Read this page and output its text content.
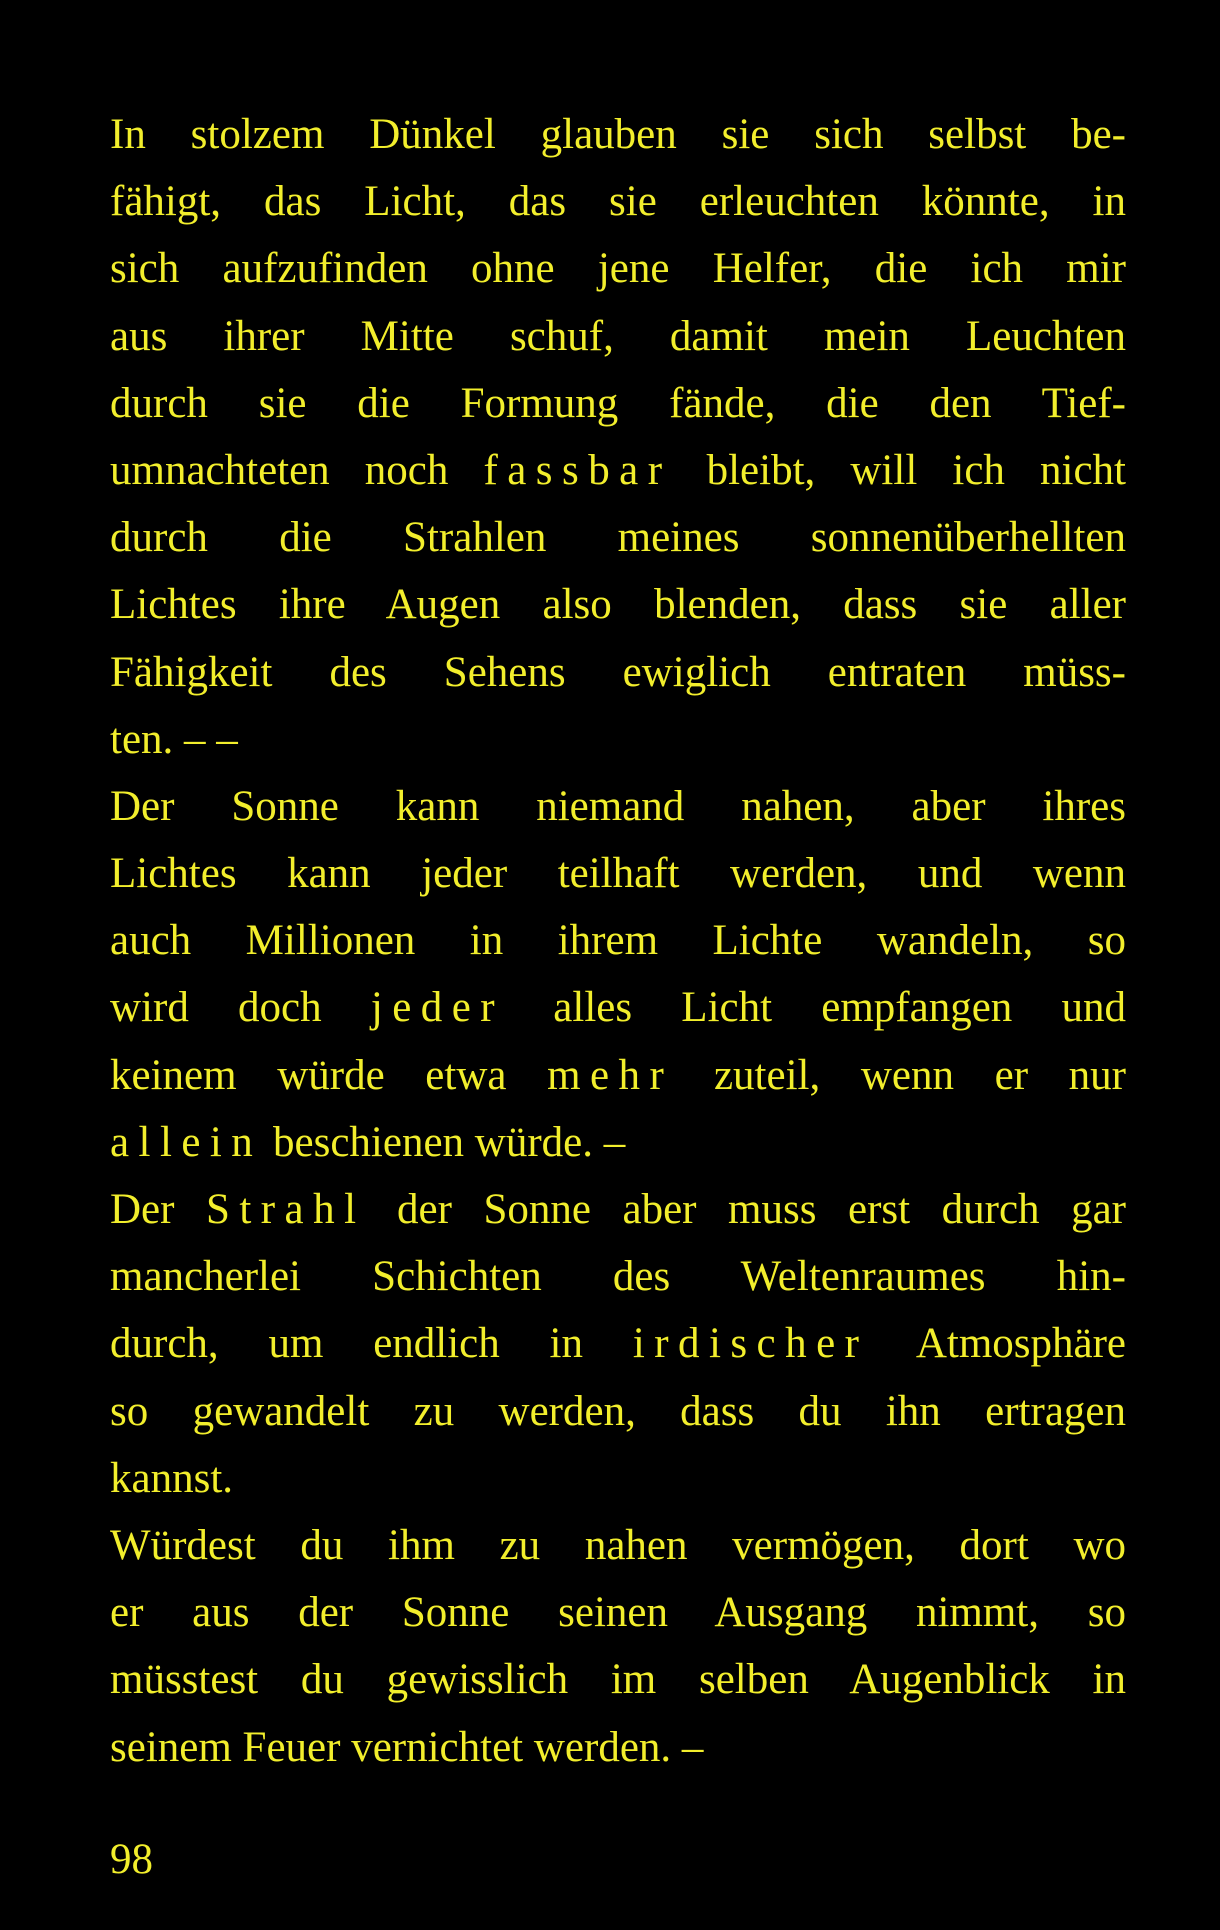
In stolzem Dünkel glauben sie sich selbst be-
fähigt, das Licht, das sie erleuchten könnte, in
sich aufzufinden ohne jene Helfer, die ich mir
aus ihrer Mitte schuf, damit mein Leuchten
durch sie die Formung fände, die den Tief-
umnachteten noch fassbar bleibt, will ich nicht
durch die Strahlen meines sonnenüberhellten
Lichtes ihre Augen also blenden, dass sie aller
Fähigkeit des Sehens ewiglich entraten müss-
ten. – –
Der Sonne kann niemand nahen, aber ihres
Lichtes kann jeder teilhaft werden, und wenn
auch Millionen in ihrem Lichte wandeln, so
wird doch jeder alles Licht empfangen und
keinem würde etwa mehr zuteil, wenn er nur
allein beschienen würde. –
Der Strahl der Sonne aber muss erst durch gar
mancherlei Schichten des Weltenraumes hin-
durch, um endlich in irdischer Atmosphäre
so gewandelt zu werden, dass du ihn ertragen
kannst.
Würdest du ihm zu nahen vermögen, dort wo
er aus der Sonne seinen Ausgang nimmt, so
müsstest du gewisslich im selben Augenblick in
seinem Feuer vernichtet werden. –
98
